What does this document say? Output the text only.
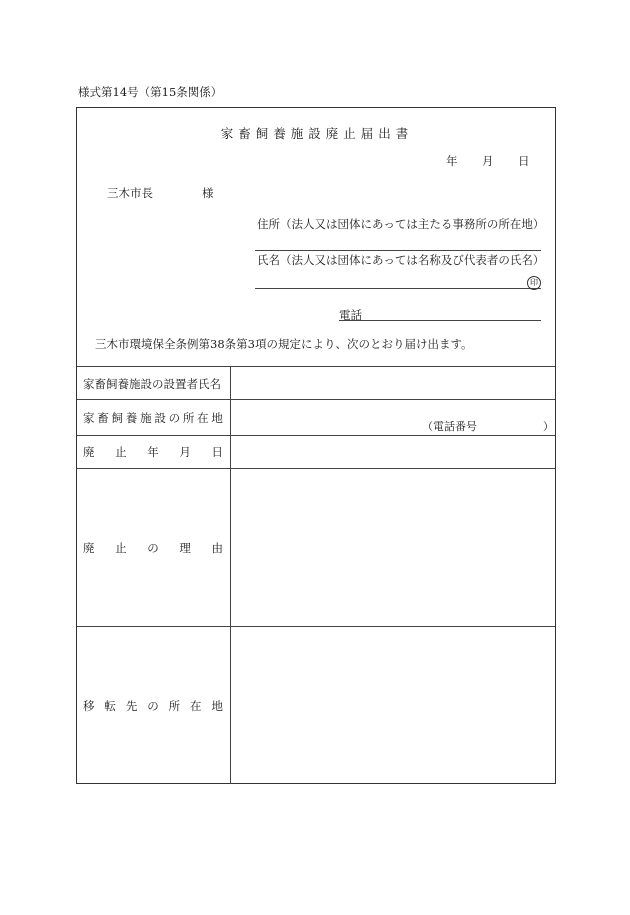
様式第14号（第15条関係）
家畜飼養施設廃止届出書
年 月 日
三木市長	様
住所（法人又は団体にあっては主たる事務所の所在地）
氏名（法人又は団体にあっては名称及び代表者の氏名）
印
電話
三木市環境保全条例第38条第3項の規定により、次のとおり届け出ます。
家畜飼養施設の設置者氏名
家 畜 飼 養 施 設 の 所 在 地
（電話番号	）
廃 止 年 月 日
廃 止 の 理 由
移 転 先 の 所 在 地
